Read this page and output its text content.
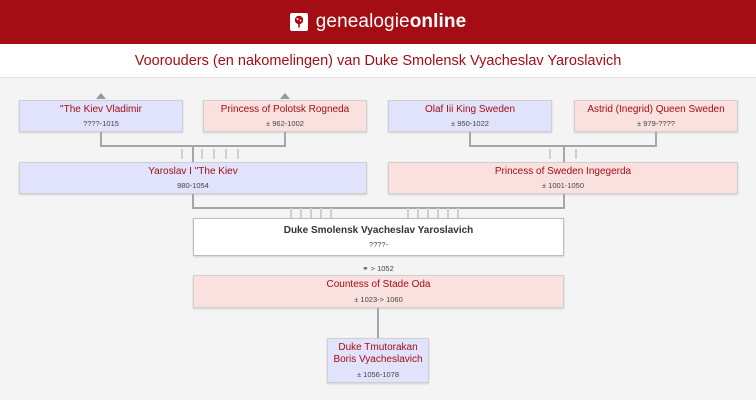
genealogieonline
Voorouders (en nakomelingen) van Duke Smolensk Vyacheslav Yaroslavich
"The Kiev Vladimir
????-1015
Princess of Polotsk Rogneda
± 962-1002
Olaf Iii King Sweden
± 950-1022
Astrid (Inegrid) Queen Sweden
± 979-????
Yaroslav I "The Kiev
980-1054
Princess of Sweden Ingegerda
± 1001-1050
Duke Smolensk Vyacheslav Yaroslavich
????-
⚭ > 1052
Countess of Stade Oda
± 1023-> 1060
Duke Tmutorakan
Boris Vyacheslavich
± 1056-1078
